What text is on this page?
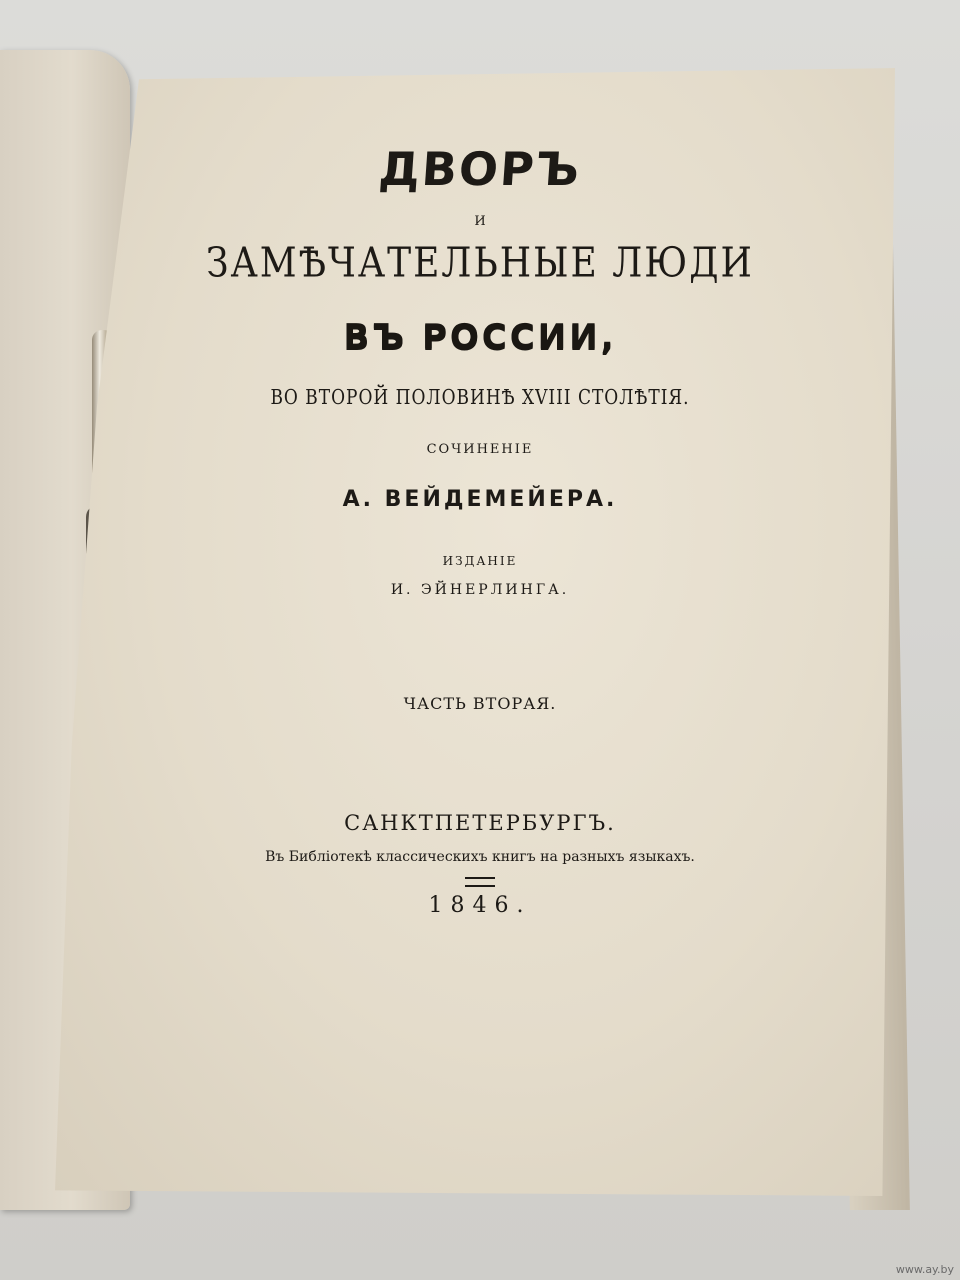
ДВОРЪ
И
ЗАМѢЧАТЕЛЬНЫЕ ЛЮДИ
ВЪ РОССИИ,
ВО ВТОРОЙ ПОЛОВИНѢ XVIII СТОЛѢТІЯ.
СОЧИНЕНІЕ
А. ВЕЙДЕМЕЙЕРА.
ИЗДАНІЕ
И. ЭЙНЕРЛИНГА.
ЧАСТЬ ВТОРАЯ.
САНКТПЕТЕРБУРГЪ.
Въ Библіотекѣ классическихъ книгъ на разныхъ языкахъ.
1846.
www.ay.by
